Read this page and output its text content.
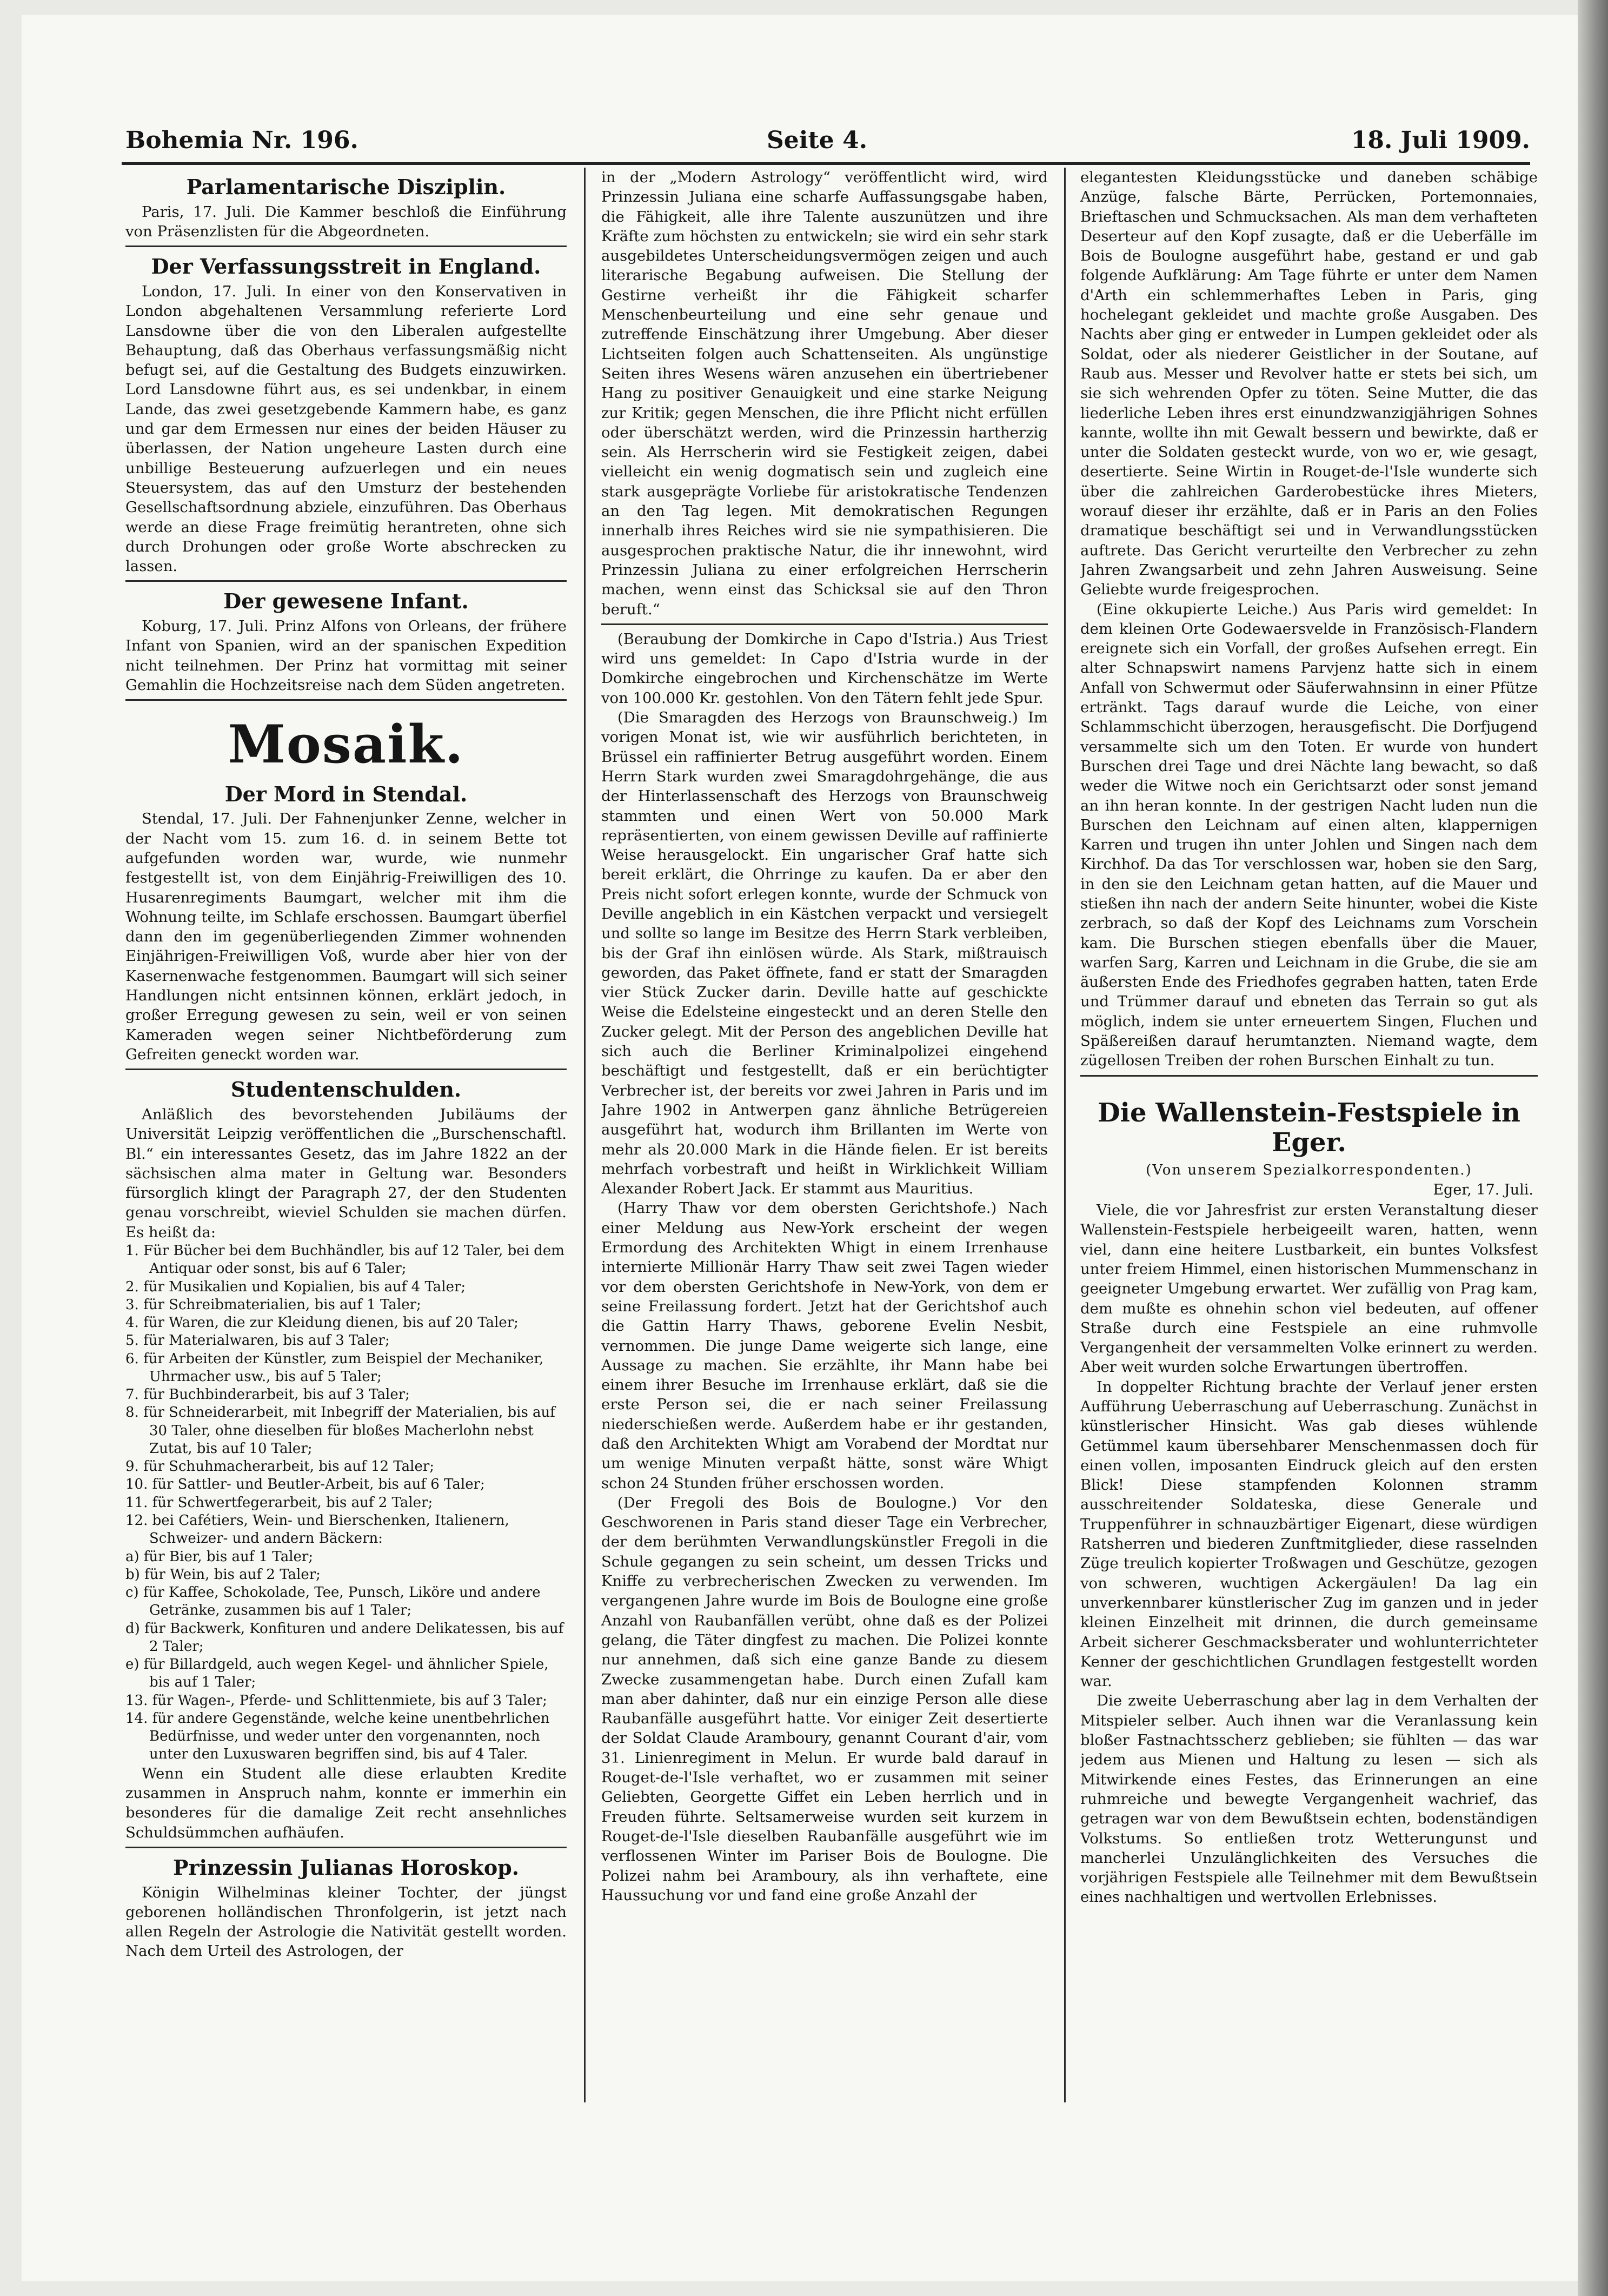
Bohemia Nr. 196.	Seite 4.	18. Juli 1909.
Parlamentarische Disziplin.

Paris, 17. Juli. Die Kammer beschloß die Einführung von Präsenzlisten für die Abgeordneten.

Der Verfassungsstreit in England.

London, 17. Juli. In einer von den Konservativen in London abgehaltenen Versammlung referierte Lord Lansdowne über die von den Liberalen aufgestellte Behauptung, daß das Oberhaus verfassungsmäßig nicht befugt sei, auf die Gestaltung des Budgets einzuwirken. Lord Lansdowne führt aus, es sei undenkbar, in einem Lande, das zwei gesetzgebende Kammern habe, es ganz und gar dem Ermessen nur eines der beiden Häuser zu überlassen, der Nation ungeheure Lasten durch eine unbillige Besteuerung aufzuerlegen und ein neues Steuersystem, das auf den Umsturz der bestehenden Gesellschaftsordnung abziele, einzuführen. Das Oberhaus werde an diese Frage freimütig herantreten, ohne sich durch Drohungen oder große Worte abschrecken zu lassen.

Der gewesene Infant.

Koburg, 17. Juli. Prinz Alfons von Orleans, der frühere Infant von Spanien, wird an der spanischen Expedition nicht teilnehmen. Der Prinz hat vormittag mit seiner Gemahlin die Hochzeitsreise nach dem Süden angetreten.

Mosaik.
Der Mord in Stendal.

Stendal, 17. Juli. Der Fahnenjunker Zenne, welcher in der Nacht vom 15. zum 16. d. in seinem Bette tot aufgefunden worden war, wurde, wie nunmehr festgestellt ist, von dem Einjährig-Freiwilligen des 10. Husarenregiments Baumgart, welcher mit ihm die Wohnung teilte, im Schlafe erschossen. Baumgart überfiel dann den im gegenüberliegenden Zimmer wohnenden Einjährigen-Freiwilligen Voß, wurde aber hier von der Kasernenwache festgenommen. Baumgart will sich seiner Handlungen nicht entsinnen können, erklärt jedoch, in großer Erregung gewesen zu sein, weil er von seinen Kameraden wegen seiner Nichtbeförderung zum Gefreiten geneckt worden war.

Studentenschulden.

Anläßlich des bevorstehenden Jubiläums der Universität Leipzig veröffentlichen die „Burschenschaftl. Bl.“ ein interessantes Gesetz, das im Jahre 1822 an der sächsischen alma mater in Geltung war. Besonders fürsorglich klingt der Paragraph 27, der den Studenten genau vorschreibt, wieviel Schulden sie machen dürfen. Es heißt da:

1. Für Bücher bei dem Buchhändler, bis auf 12 Taler, bei dem Antiquar oder sonst, bis auf 6 Taler;
2. für Musikalien und Kopialien, bis auf 4 Taler;
3. für Schreibmaterialien, bis auf 1 Taler;
4. für Waren, die zur Kleidung dienen, bis auf 20 Taler;
5. für Materialwaren, bis auf 3 Taler;
6. für Arbeiten der Künstler, zum Beispiel der Mechaniker, Uhrmacher usw., bis auf 5 Taler;
7. für Buchbinderarbeit, bis auf 3 Taler;
8. für Schneiderarbeit, mit Inbegriff der Materialien, bis auf 30 Taler, ohne dieselben für bloßes Macherlohn nebst Zutat, bis auf 10 Taler;
9. für Schuhmacherarbeit, bis auf 12 Taler;
10. für Sattler- und Beutler-Arbeit, bis auf 6 Taler;
11. für Schwertfegerarbeit, bis auf 2 Taler;
12. bei Cafétiers, Wein- und Bierschenken, Italienern, Schweizer- und andern Bäckern:
a) für Bier, bis auf 1 Taler;
b) für Wein, bis auf 2 Taler;
c) für Kaffee, Schokolade, Tee, Punsch, Liköre und andere Getränke, zusammen bis auf 1 Taler;
d) für Backwerk, Konfituren und andere Delikatessen, bis auf 2 Taler;
e) für Billardgeld, auch wegen Kegel- und ähnlicher Spiele, bis auf 1 Taler;
13. für Wagen-, Pferde- und Schlittenmiete, bis auf 3 Taler;
14. für andere Gegenstände, welche keine unentbehrlichen Bedürfnisse, und weder unter den vorgenannten, noch unter den Luxuswaren begriffen sind, bis auf 4 Taler.

Wenn ein Student alle diese erlaubten Kredite zusammen in Anspruch nahm, konnte er immerhin ein besonderes für die damalige Zeit recht ansehnliches Schuldsümmchen aufhäufen.

Prinzessin Julianas Horoskop.

Königin Wilhelminas kleiner Tochter, der jüngst geborenen holländischen Thronfolgerin, ist jetzt nach allen Regeln der Astrologie die Nativität gestellt worden. Nach dem Urteil des Astrologen, der

in der „Modern Astrology“ veröffentlicht wird, wird Prinzessin Juliana eine scharfe Auffassungsgabe haben, die Fähigkeit, alle ihre Talente auszunützen und ihre Kräfte zum höchsten zu entwickeln; sie wird ein sehr stark ausgebildetes Unterscheidungsvermögen zeigen und auch literarische Begabung aufweisen. Die Stellung der Gestirne verheißt ihr die Fähigkeit scharfer Menschenbeurteilung und eine sehr genaue und zutreffende Einschätzung ihrer Umgebung. Aber dieser Lichtseiten folgen auch Schattenseiten. Als ungünstige Seiten ihres Wesens wären anzusehen ein übertriebener Hang zu positiver Genauigkeit und eine starke Neigung zur Kritik; gegen Menschen, die ihre Pflicht nicht erfüllen oder überschätzt werden, wird die Prinzessin hartherzig sein. Als Herrscherin wird sie Festigkeit zeigen, dabei vielleicht ein wenig dogmatisch sein und zugleich eine stark ausgeprägte Vorliebe für aristokratische Tendenzen an den Tag legen. Mit demokratischen Regungen innerhalb ihres Reiches wird sie nie sympathisieren. Die ausgesprochen praktische Natur, die ihr innewohnt, wird Prinzessin Juliana zu einer erfolgreichen Herrscherin machen, wenn einst das Schicksal sie auf den Thron beruft.“

(Beraubung der Domkirche in Capo d'Istria.) Aus Triest wird uns gemeldet: In Capo d'Istria wurde in der Domkirche eingebrochen und Kirchenschätze im Werte von 100.000 Kr. gestohlen. Von den Tätern fehlt jede Spur.

(Die Smaragden des Herzogs von Braunschweig.) Im vorigen Monat ist, wie wir ausführlich berichteten, in Brüssel ein raffinierter Betrug ausgeführt worden. Einem Herrn Stark wurden zwei Smaragdohrgehänge, die aus der Hinterlassenschaft des Herzogs von Braunschweig stammten und einen Wert von 50.000 Mark repräsentierten, von einem gewissen Deville auf raffinierte Weise herausgelockt. Ein ungarischer Graf hatte sich bereit erklärt, die Ohrringe zu kaufen. Da er aber den Preis nicht sofort erlegen konnte, wurde der Schmuck von Deville angeblich in ein Kästchen verpackt und versiegelt und sollte so lange im Besitze des Herrn Stark verbleiben, bis der Graf ihn einlösen würde. Als Stark, mißtrauisch geworden, das Paket öffnete, fand er statt der Smaragden vier Stück Zucker darin. Deville hatte auf geschickte Weise die Edelsteine eingesteckt und an deren Stelle den Zucker gelegt. Mit der Person des angeblichen Deville hat sich auch die Berliner Kriminalpolizei eingehend beschäftigt und festgestellt, daß er ein berüchtigter Verbrecher ist, der bereits vor zwei Jahren in Paris und im Jahre 1902 in Antwerpen ganz ähnliche Betrügereien ausgeführt hat, wodurch ihm Brillanten im Werte von mehr als 20.000 Mark in die Hände fielen. Er ist bereits mehrfach vorbestraft und heißt in Wirklichkeit William Alexander Robert Jack. Er stammt aus Mauritius.

(Harry Thaw vor dem obersten Gerichtshofe.) Nach einer Meldung aus New-York erscheint der wegen Ermordung des Architekten Whigt in einem Irrenhause internierte Millionär Harry Thaw seit zwei Tagen wieder vor dem obersten Gerichtshofe in New-York, von dem er seine Freilassung fordert. Jetzt hat der Gerichtshof auch die Gattin Harry Thaws, geborene Evelin Nesbit, vernommen. Die junge Dame weigerte sich lange, eine Aussage zu machen. Sie erzählte, ihr Mann habe bei einem ihrer Besuche im Irrenhause erklärt, daß sie die erste Person sei, die er nach seiner Freilassung niederschießen werde. Außerdem habe er ihr gestanden, daß den Architekten Whigt am Vorabend der Mordtat nur um wenige Minuten verpaßt hätte, sonst wäre Whigt schon 24 Stunden früher erschossen worden.

(Der Fregoli des Bois de Boulogne.) Vor den Geschworenen in Paris stand dieser Tage ein Verbrecher, der dem berühmten Verwandlungskünstler Fregoli in die Schule gegangen zu sein scheint, um dessen Tricks und Kniffe zu verbrecherischen Zwecken zu verwenden. Im vergangenen Jahre wurde im Bois de Boulogne eine große Anzahl von Raubanfällen verübt, ohne daß es der Polizei gelang, die Täter dingfest zu machen. Die Polizei konnte nur annehmen, daß sich eine ganze Bande zu diesem Zwecke zusammengetan habe. Durch einen Zufall kam man aber dahinter, daß nur ein einzige Person alle diese Raubanfälle ausgeführt hatte. Vor einiger Zeit desertierte der Soldat Claude Aramboury, genannt Courant d'air, vom 31. Linienregiment in Melun. Er wurde bald darauf in Rouget-de-l'Isle verhaftet, wo er zusammen mit seiner Geliebten, Georgette Giffet ein Leben herrlich und in Freuden führte. Seltsamerweise wurden seit kurzem in Rouget-de-l'Isle dieselben Raubanfälle ausgeführt wie im verflossenen Winter im Pariser Bois de Boulogne. Die Polizei nahm bei Aramboury, als ihn verhaftete, eine Haussuchung vor und fand eine große Anzahl der

elegantesten Kleidungsstücke und daneben schäbige Anzüge, falsche Bärte, Perrücken, Portemonnaies, Brieftaschen und Schmucksachen. Als man dem verhafteten Deserteur auf den Kopf zusagte, daß er die Ueberfälle im Bois de Boulogne ausgeführt habe, gestand er und gab folgende Aufklärung: Am Tage führte er unter dem Namen d'Arth ein schlemmerhaftes Leben in Paris, ging hochelegant gekleidet und machte große Ausgaben. Des Nachts aber ging er entweder in Lumpen gekleidet oder als Soldat, oder als niederer Geistlicher in der Soutane, auf Raub aus. Messer und Revolver hatte er stets bei sich, um sie sich wehrenden Opfer zu töten. Seine Mutter, die das liederliche Leben ihres erst einundzwanzigjährigen Sohnes kannte, wollte ihn mit Gewalt bessern und bewirkte, daß er unter die Soldaten gesteckt wurde, von wo er, wie gesagt, desertierte. Seine Wirtin in Rouget-de-l'Isle wunderte sich über die zahlreichen Garderobestücke ihres Mieters, worauf dieser ihr erzählte, daß er in Paris an den Folies dramatique beschäftigt sei und in Verwandlungsstücken auftrete. Das Gericht verurteilte den Verbrecher zu zehn Jahren Zwangsarbeit und zehn Jahren Ausweisung. Seine Geliebte wurde freigesprochen.

(Eine okkupierte Leiche.) Aus Paris wird gemeldet: In dem kleinen Orte Godewaersvelde in Französisch-Flandern ereignete sich ein Vorfall, der großes Aufsehen erregt. Ein alter Schnapswirt namens Parvjenz hatte sich in einem Anfall von Schwermut oder Säuferwahnsinn in einer Pfütze ertränkt. Tags darauf wurde die Leiche, von einer Schlammschicht überzogen, herausgefischt. Die Dorfjugend versammelte sich um den Toten. Er wurde von hundert Burschen drei Tage und drei Nächte lang bewacht, so daß weder die Witwe noch ein Gerichtsarzt oder sonst jemand an ihn heran konnte. In der gestrigen Nacht luden nun die Burschen den Leichnam auf einen alten, klappernigen Karren und trugen ihn unter Johlen und Singen nach dem Kirchhof. Da das Tor verschlossen war, hoben sie den Sarg, in den sie den Leichnam getan hatten, auf die Mauer und stießen ihn nach der andern Seite hinunter, wobei die Kiste zerbrach, so daß der Kopf des Leichnams zum Vorschein kam. Die Burschen stiegen ebenfalls über die Mauer, warfen Sarg, Karren und Leichnam in die Grube, die sie am äußersten Ende des Friedhofes gegraben hatten, taten Erde und Trümmer darauf und ebneten das Terrain so gut als möglich, indem sie unter erneuertem Singen, Fluchen und Späßereißen darauf herumtanzten. Niemand wagte, dem zügellosen Treiben der rohen Burschen Einhalt zu tun.

Die Wallenstein-Festspiele in Eger.
(Von unserem Spezialkorrespondenten.)
Eger, 17. Juli.

Viele, die vor Jahresfrist zur ersten Veranstaltung dieser Wallenstein-Festspiele herbeigeeilt waren, hatten, wenn viel, dann eine heitere Lustbarkeit, ein buntes Volksfest unter freiem Himmel, einen historischen Mummenschanz in geeigneter Umgebung erwartet. Wer zufällig von Prag kam, dem mußte es ohnehin schon viel bedeuten, auf offener Straße durch eine Festspiele an eine ruhmvolle Vergangenheit der versammelten Volke erinnert zu werden. Aber weit wurden solche Erwartungen übertroffen.

In doppelter Richtung brachte der Verlauf jener ersten Aufführung Ueberraschung auf Ueberraschung. Zunächst in künstlerischer Hinsicht. Was gab dieses wühlende Getümmel kaum übersehbarer Menschenmassen doch für einen vollen, imposanten Eindruck gleich auf den ersten Blick! Diese stampfenden Kolonnen stramm ausschreitender Soldateska, diese Generale und Truppenführer in schnauzbärtiger Eigenart, diese würdigen Ratsherren und biederen Zunftmitglieder, diese rasselnden Züge treulich kopierter Troßwagen und Geschütze, gezogen von schweren, wuchtigen Ackergäulen! Da lag ein unverkennbarer künstlerischer Zug im ganzen und in jeder kleinen Einzelheit mit drinnen, die durch gemeinsame Arbeit sicherer Geschmacksberater und wohlunterrichteter Kenner der geschichtlichen Grundlagen festgestellt worden war.

Die zweite Ueberraschung aber lag in dem Verhalten der Mitspieler selber. Auch ihnen war die Veranlassung kein bloßer Fastnachtsscherz geblieben; sie fühlten — das war jedem aus Mienen und Haltung zu lesen — sich als Mitwirkende eines Festes, das Erinnerungen an eine ruhmreiche und bewegte Vergangenheit wachrief, das getragen war von dem Bewußtsein echten, bodenständigen Volkstums. So entließen trotz Wetterungunst und mancherlei Unzulänglichkeiten des Versuches die vorjährigen Festspiele alle Teilnehmer mit dem Bewußtsein eines nachhaltigen und wertvollen Erlebnisses.
